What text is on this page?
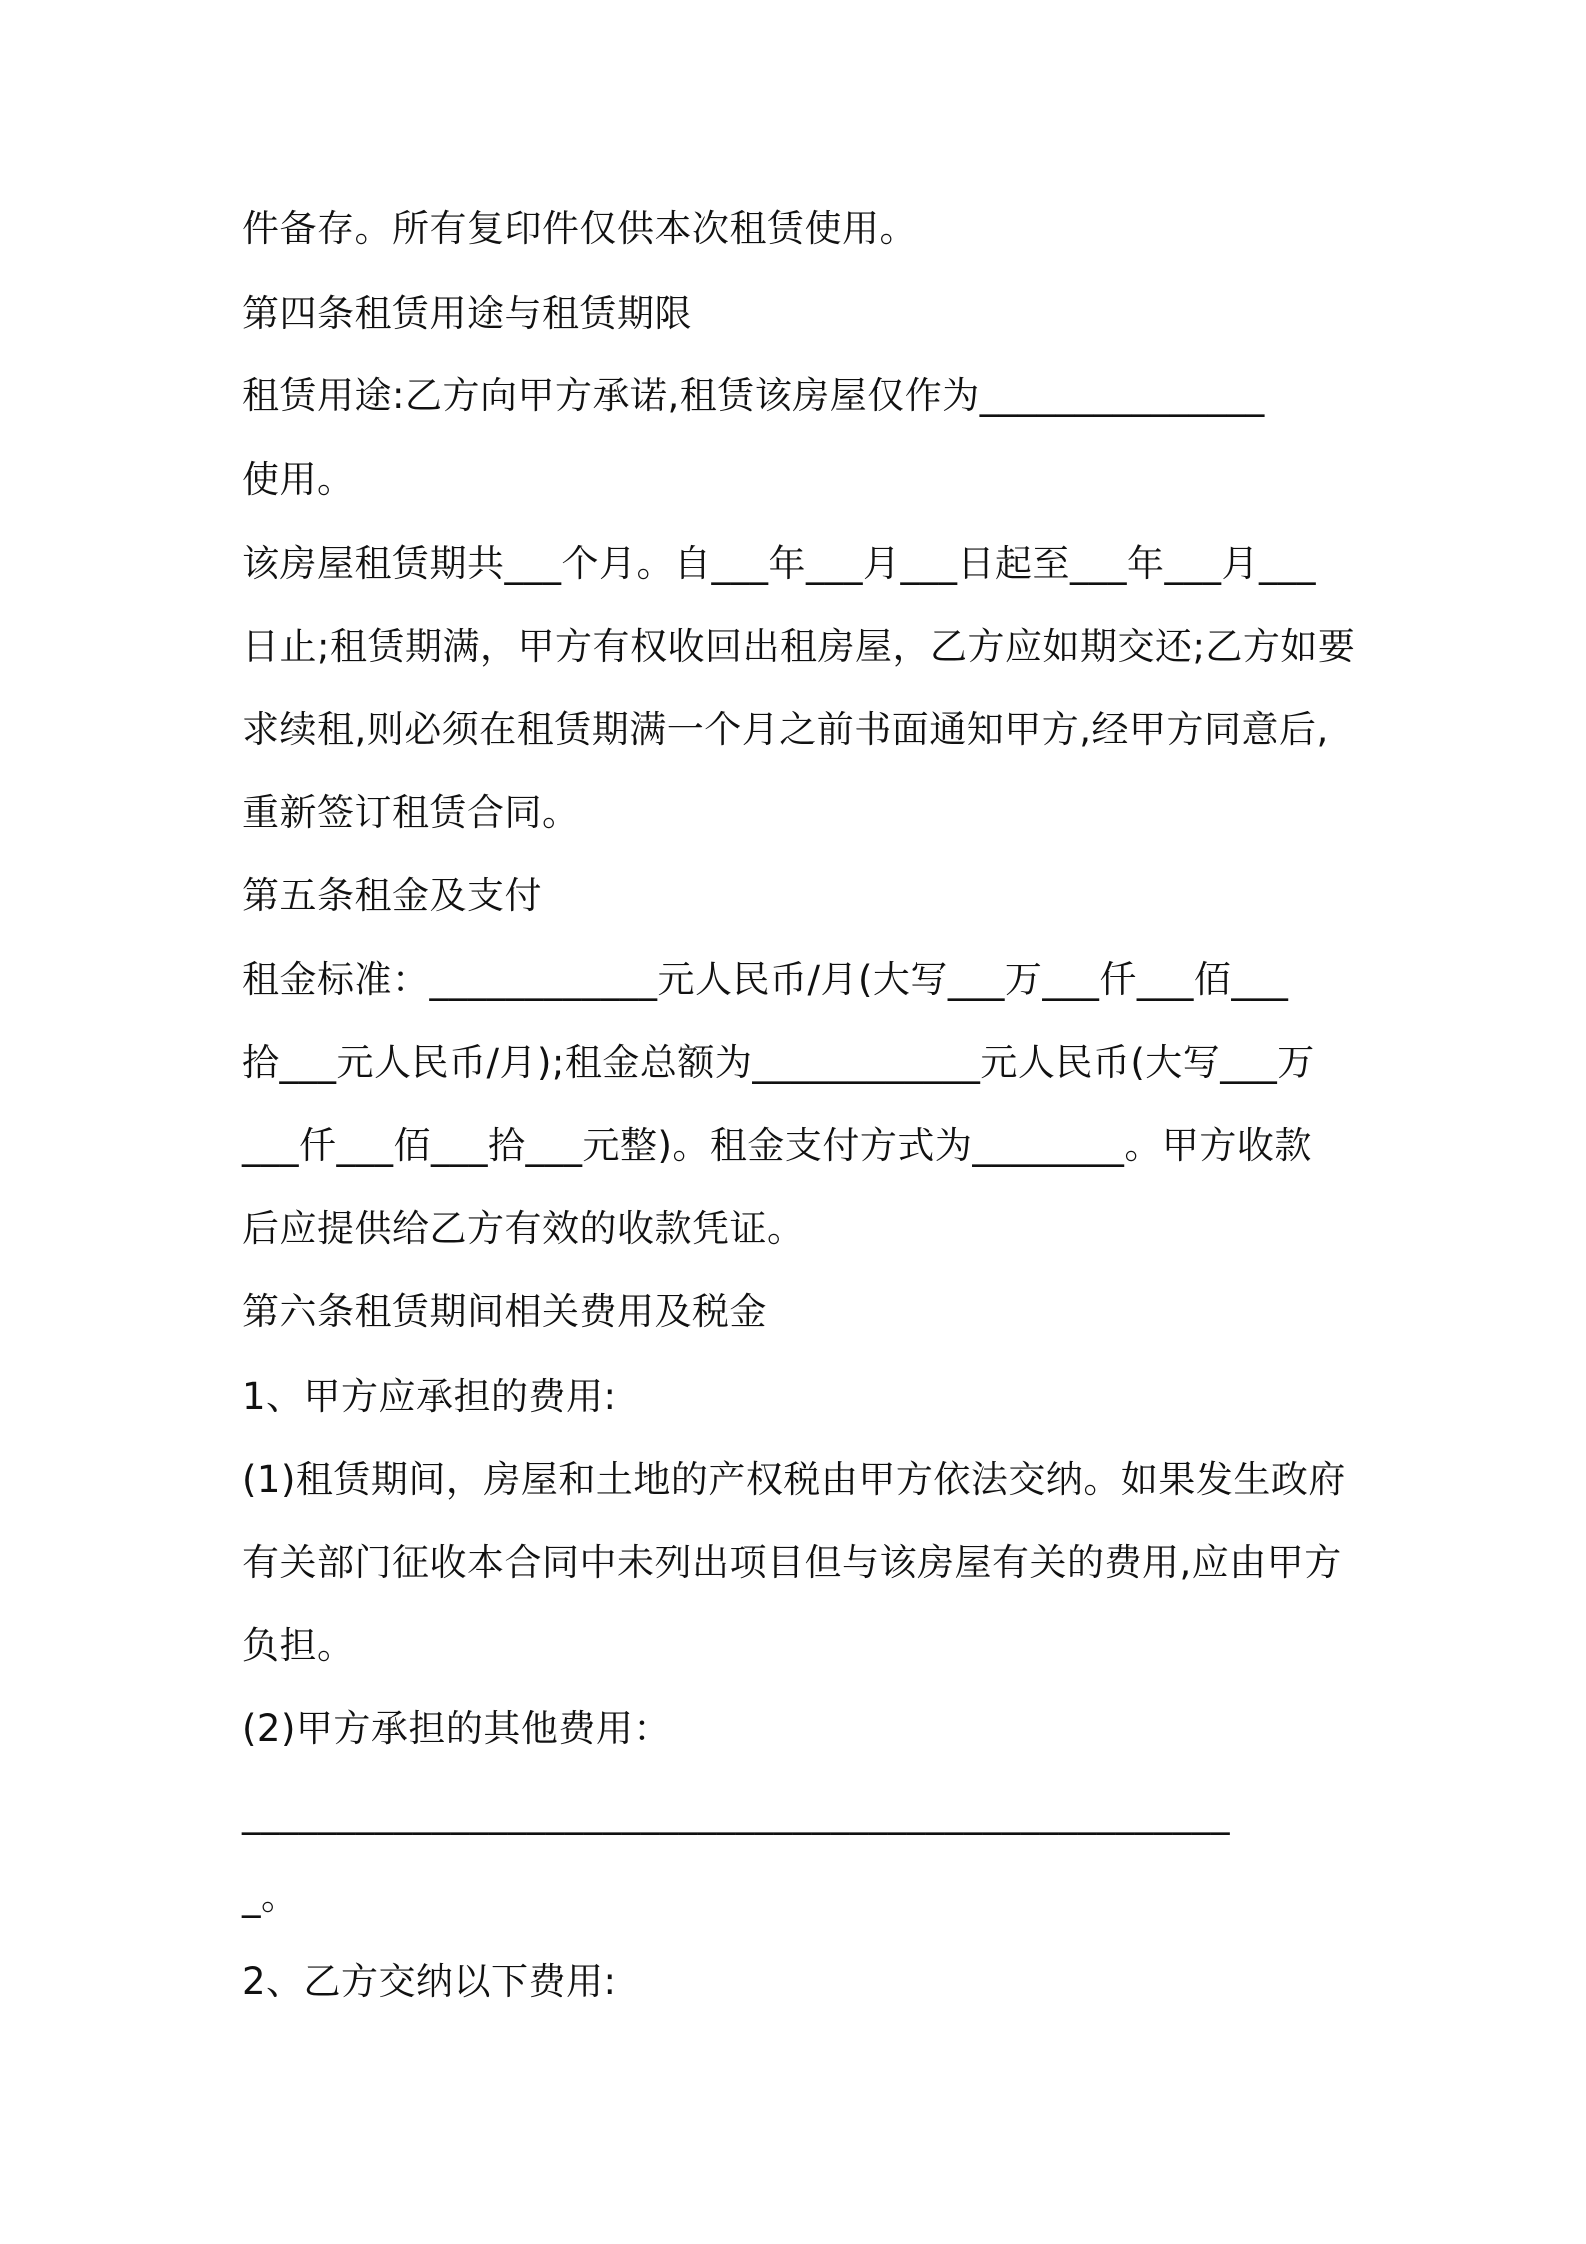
件备存。所有复印件仅供本次租赁使用。
第四条租赁用途与租赁期限
租赁用途:乙方向甲方承诺,租赁该房屋仅作为_______________
使用。
该房屋租赁期共___个月。自___年___月___日起至___年___月___
日止;租赁期满，甲方有权收回出租房屋，乙方应如期交还;乙方如要
求续租,则必须在租赁期满一个月之前书面通知甲方,经甲方同意后,
重新签订租赁合同。
第五条租金及支付
租金标准：____________元人民币/月(大写___万___仟___佰___
拾___元人民币/月);租金总额为____________元人民币(大写___万
___仟___佰___拾___元整)。租金支付方式为________。甲方收款
后应提供给乙方有效的收款凭证。
第六条租赁期间相关费用及税金
1、甲方应承担的费用:
(1)租赁期间，房屋和土地的产权税由甲方依法交纳。如果发生政府
有关部门征收本合同中未列出项目但与该房屋有关的费用,应由甲方
负担。
(2)甲方承担的其他费用：
____________________________________________________
_。
2、乙方交纳以下费用:
